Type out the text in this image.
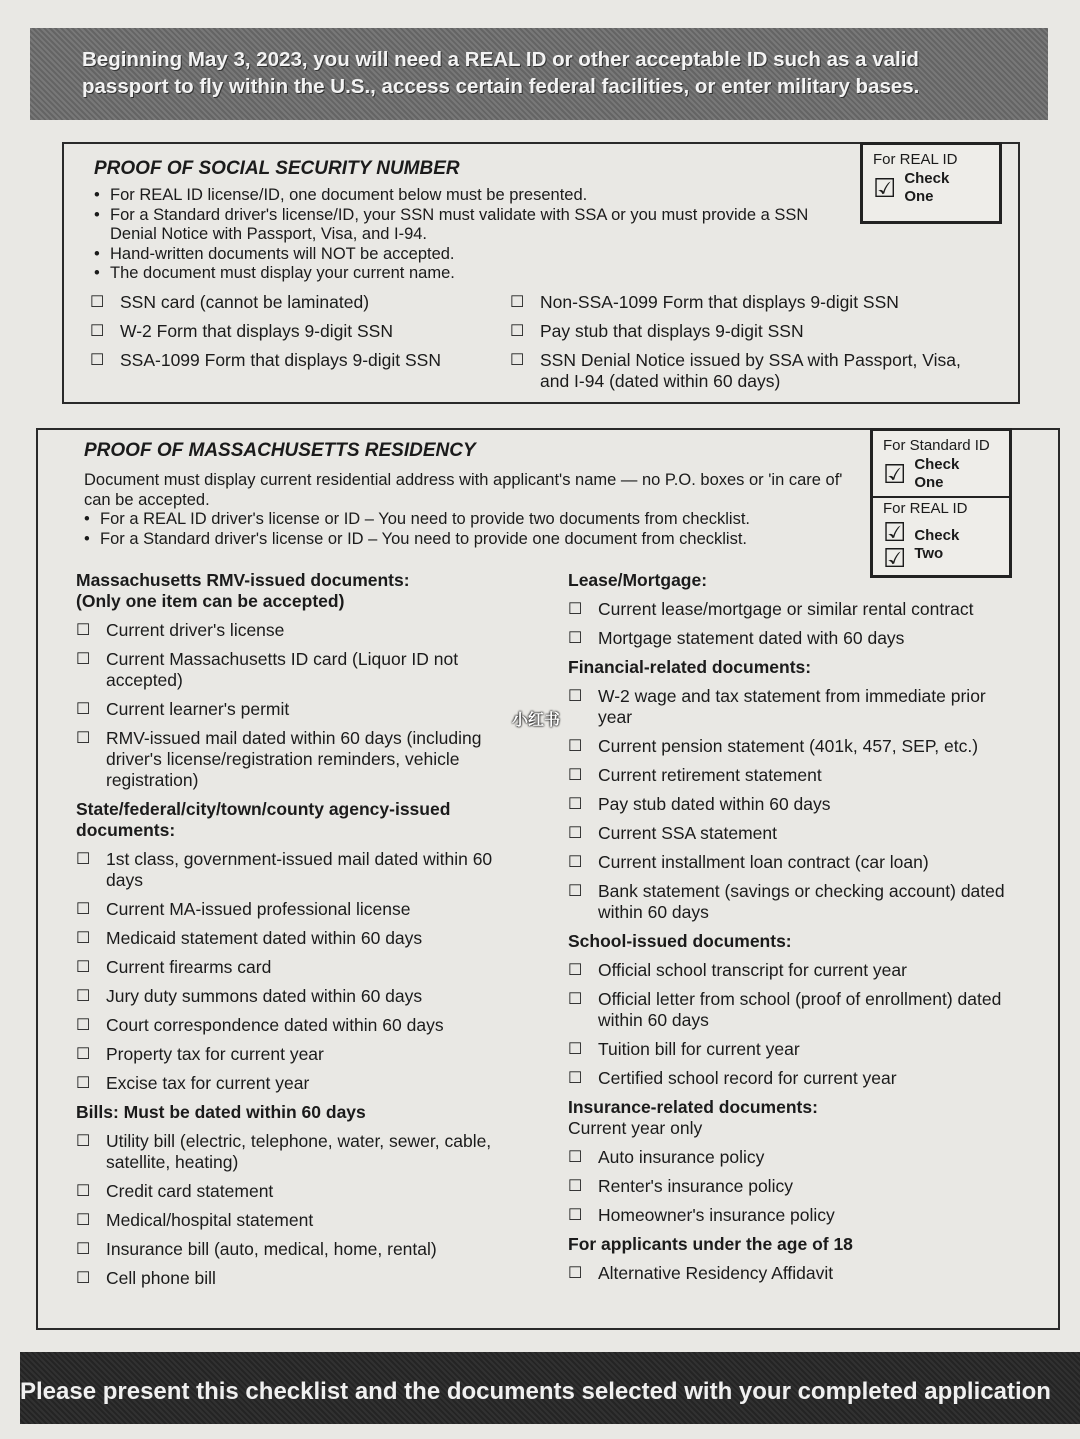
Beginning May 3, 2023, you will need a REAL ID or other acceptable ID such as a valid
passport to fly within the U.S., access certain federal facilities, or enter military bases.
PROOF OF SOCIAL SECURITY NUMBER	For REAL ID
☑ Check
One
• For REAL ID license/ID, one document below must be presented.
• For a Standard driver's license/ID, your SSN must validate with SSA or you must provide a SSN Denial Notice with Passport, Visa, and I-94.
• Hand-written documents will NOT be accepted.
• The document must display your current name.
☐ SSN card (cannot be laminated)
☐ W-2 Form that displays 9-digit SSN
☐ SSA-1099 Form that displays 9-digit SSN
☐ Non-SSA-1099 Form that displays 9-digit SSN
☐ Pay stub that displays 9-digit SSN
☐ SSN Denial Notice issued by SSA with Passport, Visa, and I-94 (dated within 60 days)
PROOF OF MASSACHUSETTS RESIDENCY	For Standard ID
☑ Check
One
For REAL ID
☑
☑
Check
Two
Document must display current residential address with applicant's name — no P.O. boxes or 'in care of' can be accepted.
• For a REAL ID driver's license or ID – You need to provide two documents from checklist.
• For a Standard driver's license or ID – You need to provide one document from checklist.
Massachusetts RMV-issued documents:
(Only one item can be accepted)
☐ Current driver's license
☐ Current Massachusetts ID card (Liquor ID not accepted)
☐ Current learner's permit
☐ RMV-issued mail dated within 60 days (including driver's license/registration reminders, vehicle registration)
State/federal/city/town/county agency-issued documents:
☐ 1st class, government-issued mail dated within 60 days
☐ Current MA-issued professional license
☐ Medicaid statement dated within 60 days
☐ Current firearms card
☐ Jury duty summons dated within 60 days
☐ Court correspondence dated within 60 days
☐ Property tax for current year
☐ Excise tax for current year
Bills: Must be dated within 60 days
☐ Utility bill (electric, telephone, water, sewer, cable, satellite, heating)
☐ Credit card statement
☐ Medical/hospital statement
☐ Insurance bill (auto, medical, home, rental)
☐ Cell phone bill
Lease/Mortgage:
☐ Current lease/mortgage or similar rental contract
☐ Mortgage statement dated with 60 days
Financial-related documents:
☐ W-2 wage and tax statement from immediate prior year
☐ Current pension statement (401k, 457, SEP, etc.)
☐ Current retirement statement
☐ Pay stub dated within 60 days
☐ Current SSA statement
☐ Current installment loan contract (car loan)
☐ Bank statement (savings or checking account) dated within 60 days
School-issued documents:
☐ Official school transcript for current year
☐ Official letter from school (proof of enrollment) dated within 60 days
☐ Tuition bill for current year
☐ Certified school record for current year
Insurance-related documents:
Current year only
☐ Auto insurance policy
☐ Renter's insurance policy
☐ Homeowner's insurance policy
For applicants under the age of 18
☐ Alternative Residency Affidavit
小红书
Please present this checklist and the documents selected with your completed application
